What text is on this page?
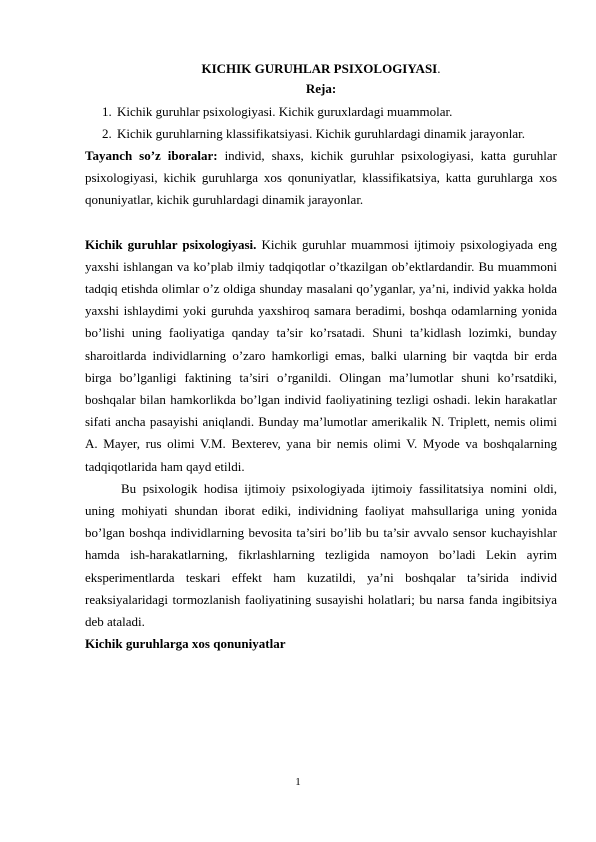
KICHIK GURUHLAR PSIXOLOGIYASI.
Reja:
1. Kichik guruhlar psixologiyasi. Kichik guruxlardagi muammolar.
2. Kichik guruhlarning klassifikatsiyasi. Kichik guruhlardagi dinamik jarayonlar.

Tayanch so’z iboralar: individ, shaxs, kichik guruhlar psixologiyasi, katta guruhlar psixologiyasi, kichik guruhlarga xos qonuniyatlar, klassifikatsiya, katta guruhlarga xos qonuniyatlar, kichik guruhlardagi dinamik jarayonlar.

Kichik guruhlar psixologiyasi. Kichik guruhlar muammosi ijtimoiy psixologiyada eng yaxshi ishlangan va ko’plab ilmiy tadqiqotlar o’tkazilgan ob’ektlardandir. Bu muammoni tadqiq etishda olimlar o’z oldiga shunday masalani qo’yganlar, ya’ni, individ yakka holda yaxshi ishlaydimi yoki guruhda yaxshiroq samara beradimi, boshqa odamlarning yonida bo’lishi uning faoliyatiga qanday ta’sir ko’rsatadi. Shuni ta’kidlash lozimki, bunday sharoitlarda individlarning o’zaro hamkorligi emas, balki ularning bir vaqtda bir erda birga bo’lganligi faktining ta’siri o’rganildi. Olingan ma’lumotlar shuni ko’rsatdiki, boshqalar bilan hamkorlikda bo’lgan individ faoliyatining tezligi oshadi. lekin harakatlar sifati ancha pasayishi aniqlandi. Bunday ma’lumotlar amerikalik N. Triplett, nemis olimi A. Mayer, rus olimi V.M. Bexterev, yana bir nemis olimi V. Myode va boshqalarning tadqiqotlarida ham qayd etildi.

Bu psixologik hodisa ijtimoiy psixologiyada ijtimoiy fassilitatsiya nomini oldi, uning mohiyati shundan iborat ediki, individning faoliyat mahsullariga uning yonida bo’lgan boshqa individlarning bevosita ta’siri bo’lib bu ta’sir avvalo sensor kuchayishlar hamda ish-harakatlarning, fikrlashlarning tezligida namoyon bo’ladi Lekin ayrim eksperimentlarda teskari effekt ham kuzatildi, ya’ni boshqalar ta’sirida individ reaksiyalaridagi tormozlanish faoliyatining susayishi holatlari; bu narsa fanda ingibitsiya deb ataladi.

Kichik guruhlarga xos qonuniyatlar
1
